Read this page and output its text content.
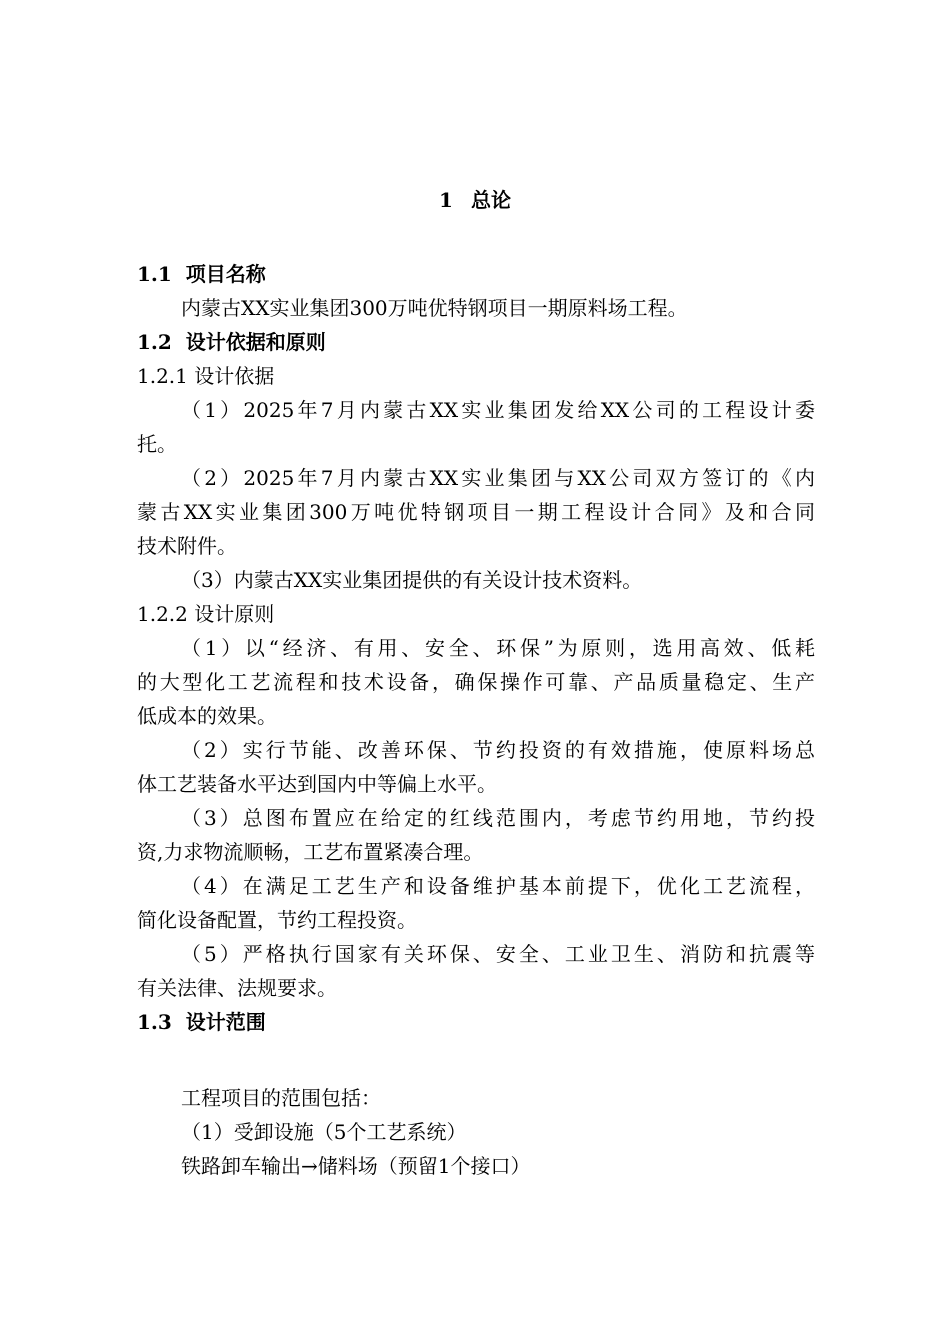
1 总论
1.1 项目名称
内蒙古XX实业集团300万吨优特钢项目一期原料场工程。
1.2 设计依据和原则
1.2.1 设计依据
（1）2025年7月内蒙古XX实业集团发给XX公司的工程设计委
托。
（2）2025年7月内蒙古XX实业集团与XX公司双方签订的《内
蒙古XX实业集团300万吨优特钢项目一期工程设计合同》及和合同
技术附件。
（3）内蒙古XX实业集团提供的有关设计技术资料。
1.2.2 设计原则
（1）以“经济、有用、安全、环保”为原则，选用高效、低耗
的大型化工艺流程和技术设备，确保操作可靠、产品质量稳定、生产
低成本的效果。
（2）实行节能、改善环保、节约投资的有效措施，使原料场总
体工艺装备水平达到国内中等偏上水平。
（3）总图布置应在给定的红线范围内，考虑节约用地，节约投
资,力求物流顺畅，工艺布置紧凑合理。
（4）在满足工艺生产和设备维护基本前提下，优化工艺流程，
简化设备配置，节约工程投资。
（5）严格执行国家有关环保、安全、工业卫生、消防和抗震等
有关法律、法规要求。
1.3 设计范围
工程项目的范围包括：
（1）受卸设施（5个工艺系统）
铁路卸车输出→储料场（预留1个接口）
